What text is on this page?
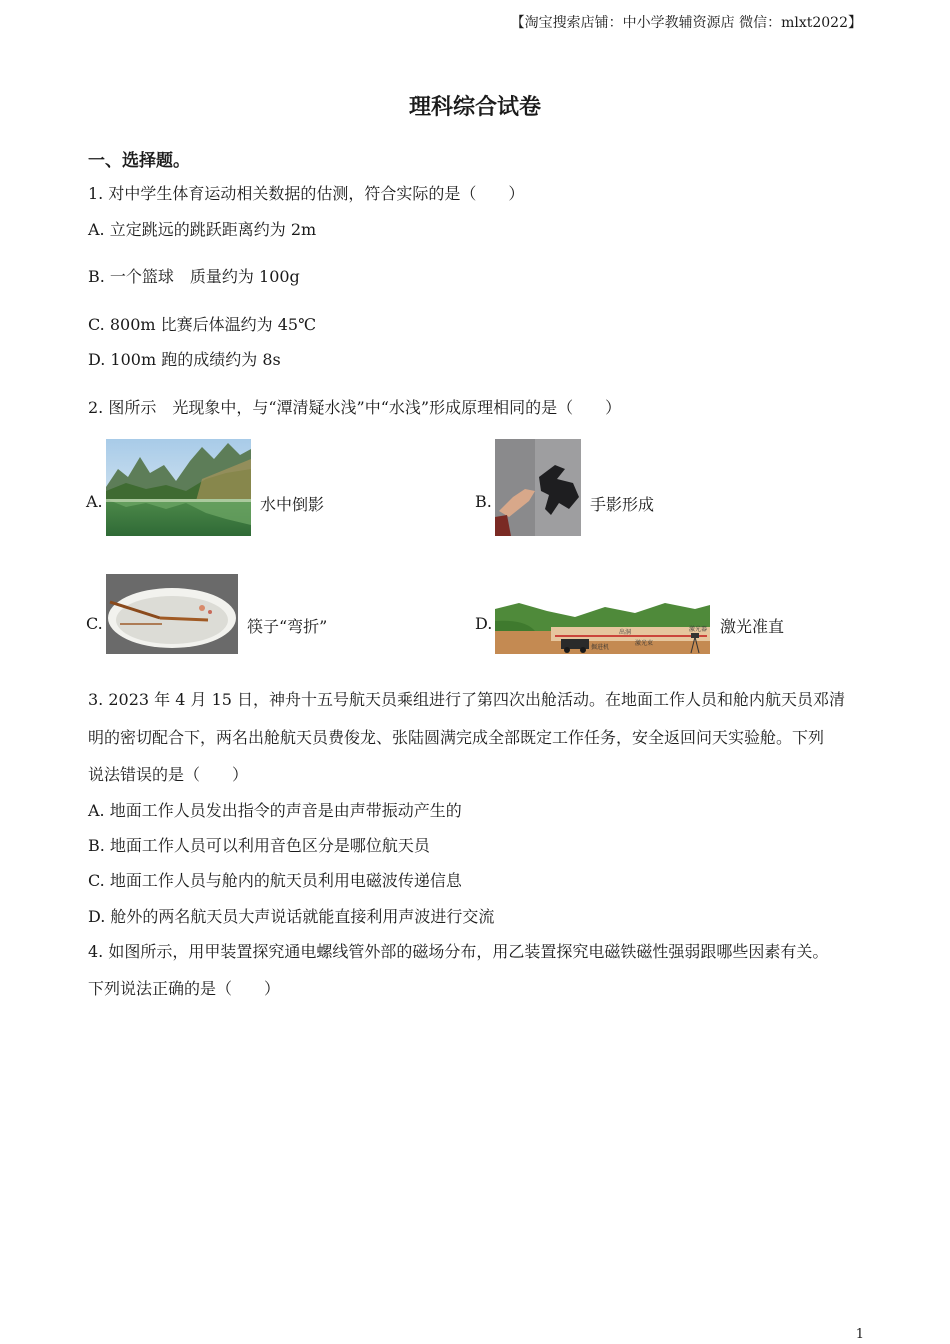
【淘宝搜索店铺：中小学教辅资源店 微信：mlxt2022】
理科综合试卷
一、选择题。
1. 对中学生体育运动相关数据的估测，符合实际的是（　　）
A. 立定跳远的跳跃距离约为 2m
B. 一个篮球　质量约为 100g
C. 800m 比赛后体温约为 45℃
D. 100m 跑的成绩约为 8s
2. 图所示　光现象中，与“潭清疑水浅”中“水浅”形成原理相同的是（　　）
A.	水中倒影	B.	手影形成
C.	筷子“弯折”	D.	出洞
激光束
激光器
掘进机
激光准直
3. 2023 年 4 月 15 日，神舟十五号航天员乘组进行了第四次出舱活动。在地面工作人员和舱内航天员邓清
明的密切配合下，两名出舱航天员费俊龙、张陆圆满完成全部既定工作任务，安全返回问天实验舱。下列
说法错误的是（　　）
A. 地面工作人员发出指令的声音是由声带振动产生的
B. 地面工作人员可以利用音色区分是哪位航天员
C. 地面工作人员与舱内的航天员利用电磁波传递信息
D. 舱外的两名航天员大声说话就能直接利用声波进行交流
4. 如图所示，用甲装置探究通电螺线管外部的磁场分布，用乙装置探究电磁铁磁性强弱跟哪些因素有关。
下列说法正确的是（　　）
1
